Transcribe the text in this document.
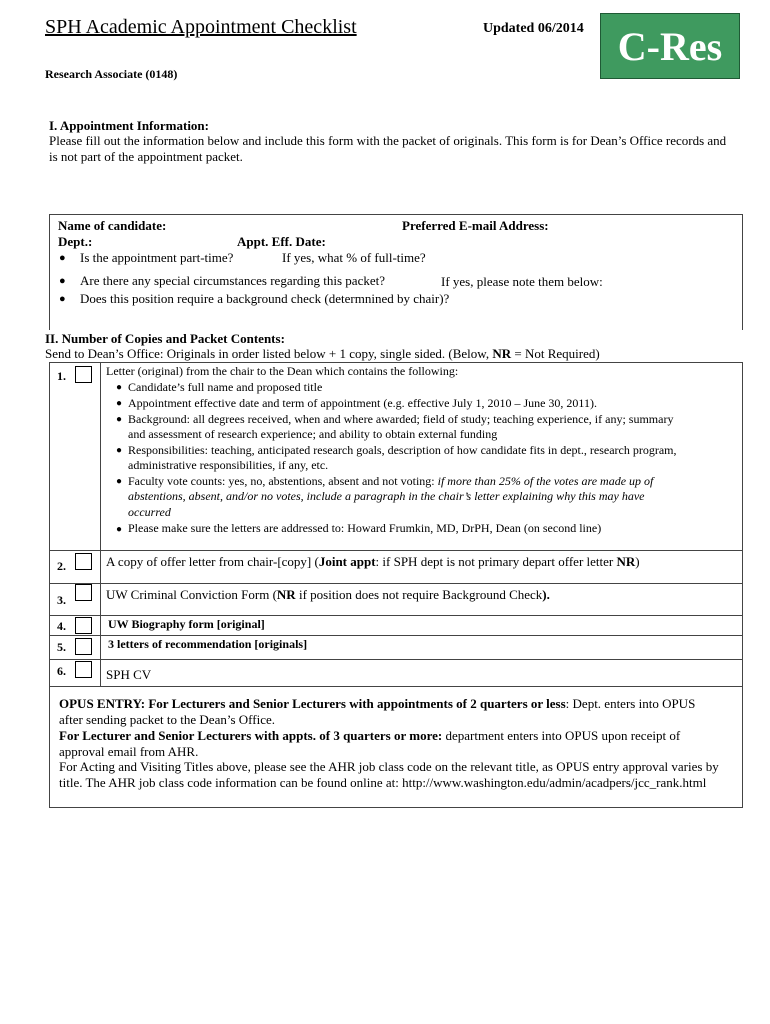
SPH Academic Appointment Checklist	Updated 06/2014 C-Res
Research Associate (0148)
I. Appointment Information:
Please fill out the information below and include this form with the packet of originals. This form is for Dean’s Office records and is not part of the appointment packet.
Name of candidate:	Preferred E-mail Address:
Dept.:	Appt. Eff. Date:
● Is the appointment part-time?	If yes, what % of full-time?
● Are there any special circumstances regarding this packet?	If yes, please note them below:
● Does this position require a background check (determnined by chair)?
II. Number of Copies and Packet Contents:
Send to Dean’s Office: Originals in order listed below + 1 copy, single sided. (Below, NR = Not Required)
1.	Letter (original) from the chair to the Dean which contains the following:
● Candidate’s full name and proposed title
● Appointment effective date and term of appointment (e.g. effective July 1, 2010 – June 30, 2011).
● Background: all degrees received, when and where awarded; field of study; teaching experience, if any; summary
and assessment of research experience; and ability to obtain external funding
● Responsibilities: teaching, anticipated research goals, description of how candidate fits in dept., research program,
administrative responsibilities, if any, etc.
● Faculty vote counts: yes, no, abstentions, absent and not voting: if more than 25% of the votes are made up of
abstentions, absent, and/or no votes, include a paragraph in the chair’s letter explaining why this may have
occurred
● Please make sure the letters are addressed to: Howard Frumkin, MD, DrPH, Dean (on second line)
2.	A copy of offer letter from chair-[copy] (Joint appt: if SPH dept is not primary depart offer letter NR)
3.	UW Criminal Conviction Form (NR if position does not require Background Check).
4.	UW Biography form [original]
5.	3 letters of recommendation [originals]
6.	SPH CV
OPUS ENTRY: For Lecturers and Senior Lecturers with appointments of 2 quarters or less: Dept. enters into OPUS
after sending packet to the Dean’s Office.
For Lecturer and Senior Lecturers with appts. of 3 quarters or more: department enters into OPUS upon receipt of
approval email from AHR.
For Acting and Visiting Titles above, please see the AHR job class code on the relevant title, as OPUS entry approval varies by
title. The AHR job class code information can be found online at: http://www.washington.edu/admin/acadpers/jcc_rank.html
